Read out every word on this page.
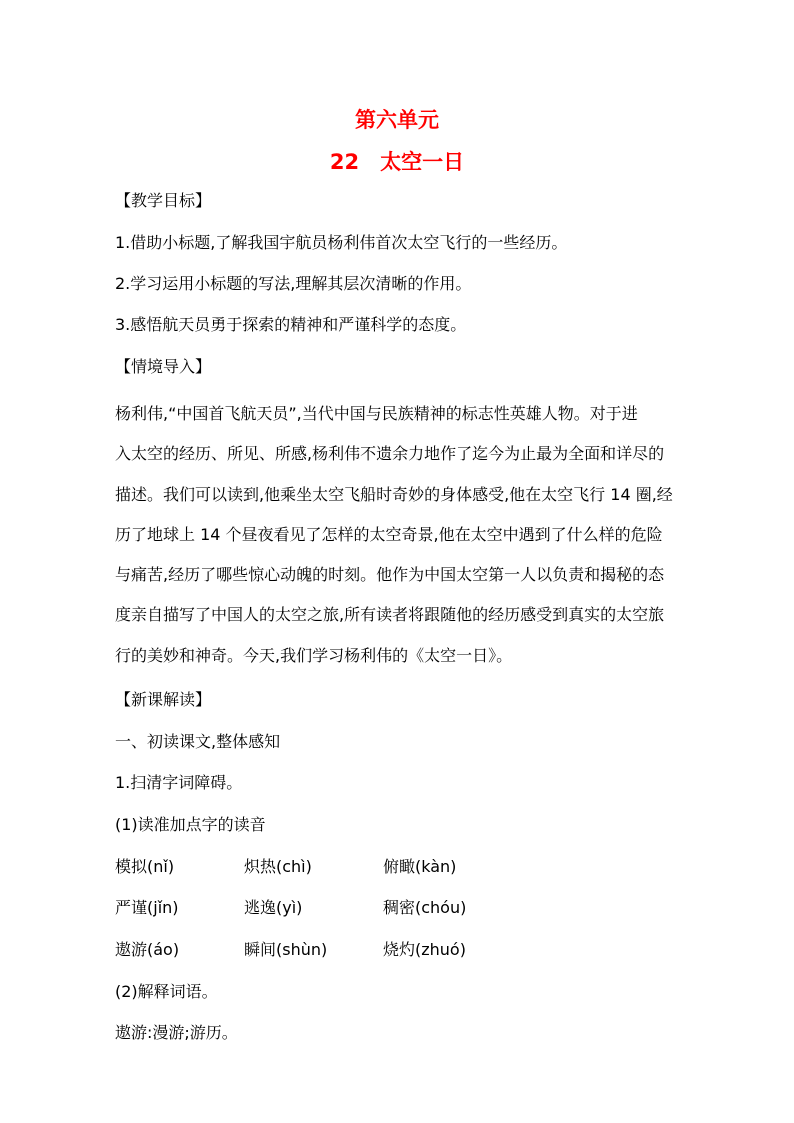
第六单元
22　太空一日
【教学目标】
1.借助小标题,了解我国宇航员杨利伟首次太空飞行的一些经历。
2.学习运用小标题的写法,理解其层次清晰的作用。
3.感悟航天员勇于探索的精神和严谨科学的态度。
【情境导入】

杨利伟,“中国首飞航天员”,当代中国与民族精神的标志性英雄人物。对于进

入太空的经历、所见、所感,杨利伟不遗余力地作了迄今为止最为全面和详尽的

描述。我们可以读到,他乘坐太空飞船时奇妙的身体感受,他在太空飞行 14 圈,经

历了地球上 14 个昼夜看见了怎样的太空奇景,他在太空中遇到了什么样的危险

与痛苦,经历了哪些惊心动魄的时刻。他作为中国太空第一人以负责和揭秘的态

度亲自描写了中国人的太空之旅,所有读者将跟随他的经历感受到真实的太空旅

行的美妙和神奇。今天,我们学习杨利伟的《太空一日》。

【新课解读】
一、初读课文,整体感知
1.扫清字词障碍。
(1)读准加点字的读音
模拟(nǐ)	炽热(chì)	俯瞰(kàn)
严谨(jǐn)	逃逸(yì)	稠密(chóu)
遨游(áo)	瞬间(shùn)	烧灼(zhuó)
(2)解释词语。
遨游:漫游;游历。
